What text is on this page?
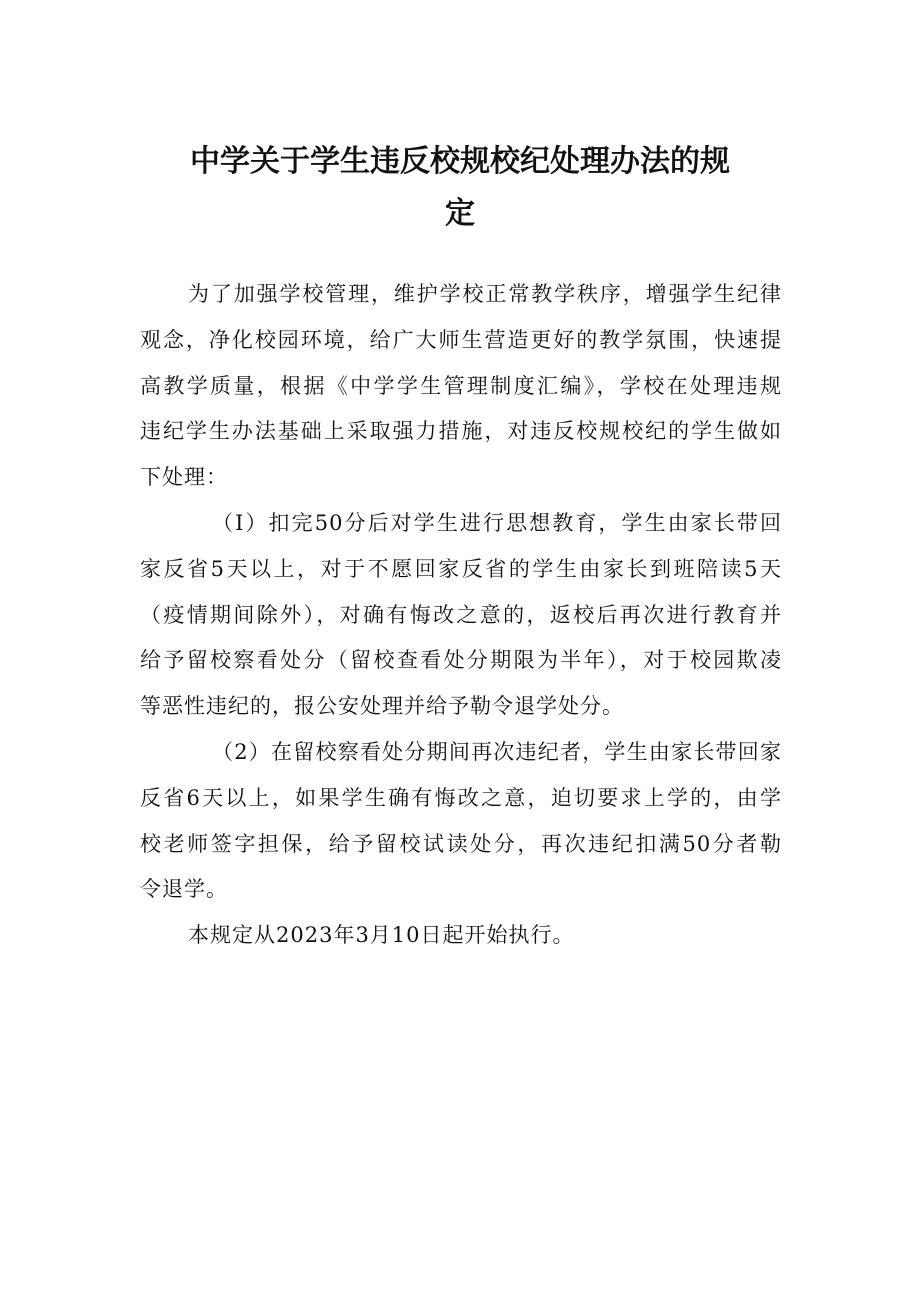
中学关于学生违反校规校纪处理办法的规
定
为了加强学校管理，维护学校正常教学秩序，增强学生纪律
观念，净化校园环境，给广大师生营造更好的教学氛围，快速提
高教学质量，根据《中学学生管理制度汇编》，学校在处理违规
违纪学生办法基础上采取强力措施，对违反校规校纪的学生做如
下处理：
（I）扣完50分后对学生进行思想教育，学生由家长带回
家反省5天以上，对于不愿回家反省的学生由家长到班陪读5天
（疫情期间除外），对确有悔改之意的，返校后再次进行教育并
给予留校察看处分（留校查看处分期限为半年），对于校园欺凌
等恶性违纪的，报公安处理并给予勒令退学处分。
（2）在留校察看处分期间再次违纪者，学生由家长带回家
反省6天以上，如果学生确有悔改之意，迫切要求上学的，由学
校老师签字担保，给予留校试读处分，再次违纪扣满50分者勒
令退学。
本规定从2023年3月10日起开始执行。
